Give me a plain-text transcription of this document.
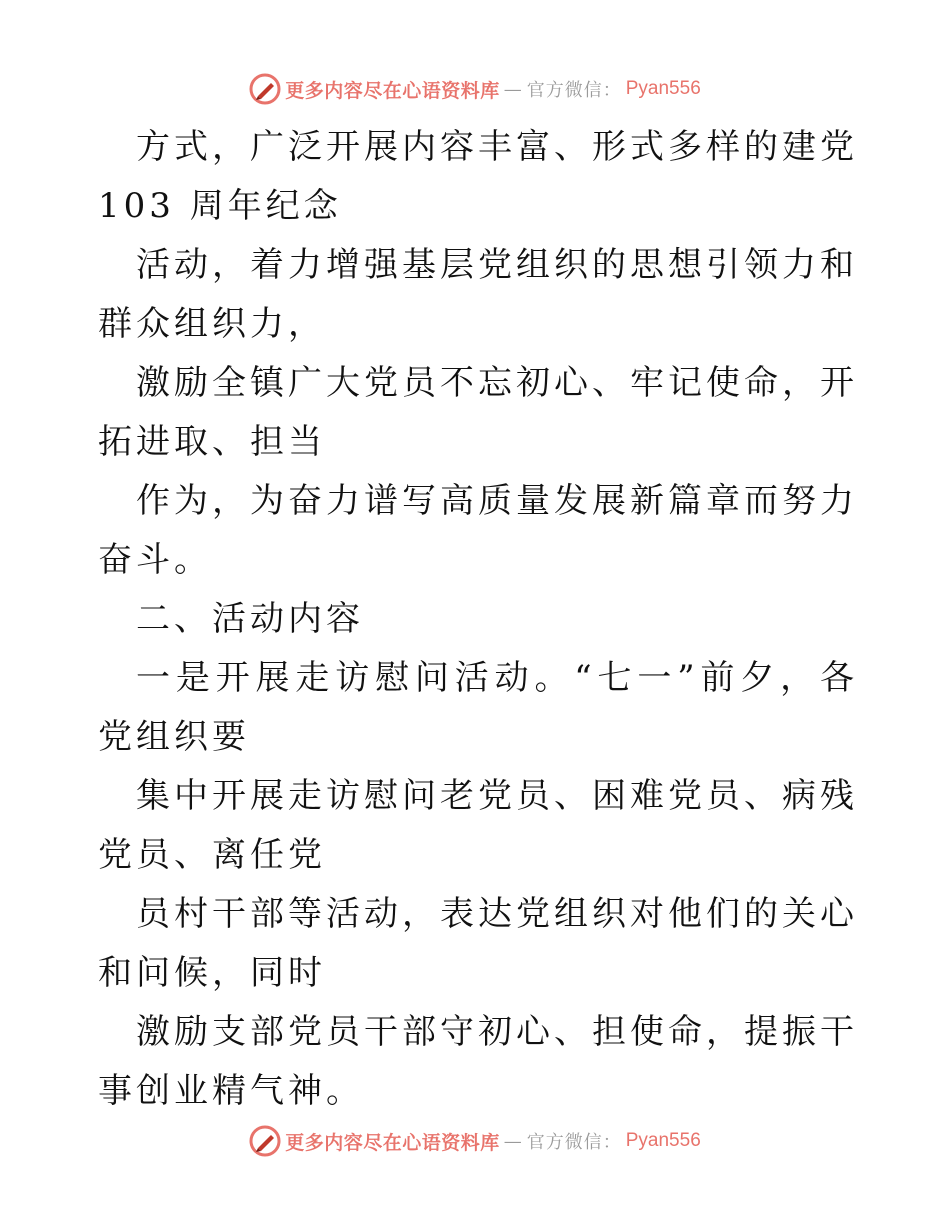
更多内容尽在心语资料库 — 官方微信： Pyan556

方式，广泛开展内容丰富、形式多样的建党 103 周年纪念

活动，着力增强基层党组织的思想引领力和群众组织力，

激励全镇广大党员不忘初心、牢记使命，开拓进取、担当

作为，为奋力谱写高质量发展新篇章而努力奋斗。

二、活动内容

一是开展走访慰问活动。“七一”前夕，各党组织要

集中开展走访慰问老党员、困难党员、病残党员、离任党

员村干部等活动，表达党组织对他们的关心和问候，同时

激励支部党员干部守初心、担使命，提振干事创业精气神。

更多内容尽在心语资料库 — 官方微信： Pyan556
